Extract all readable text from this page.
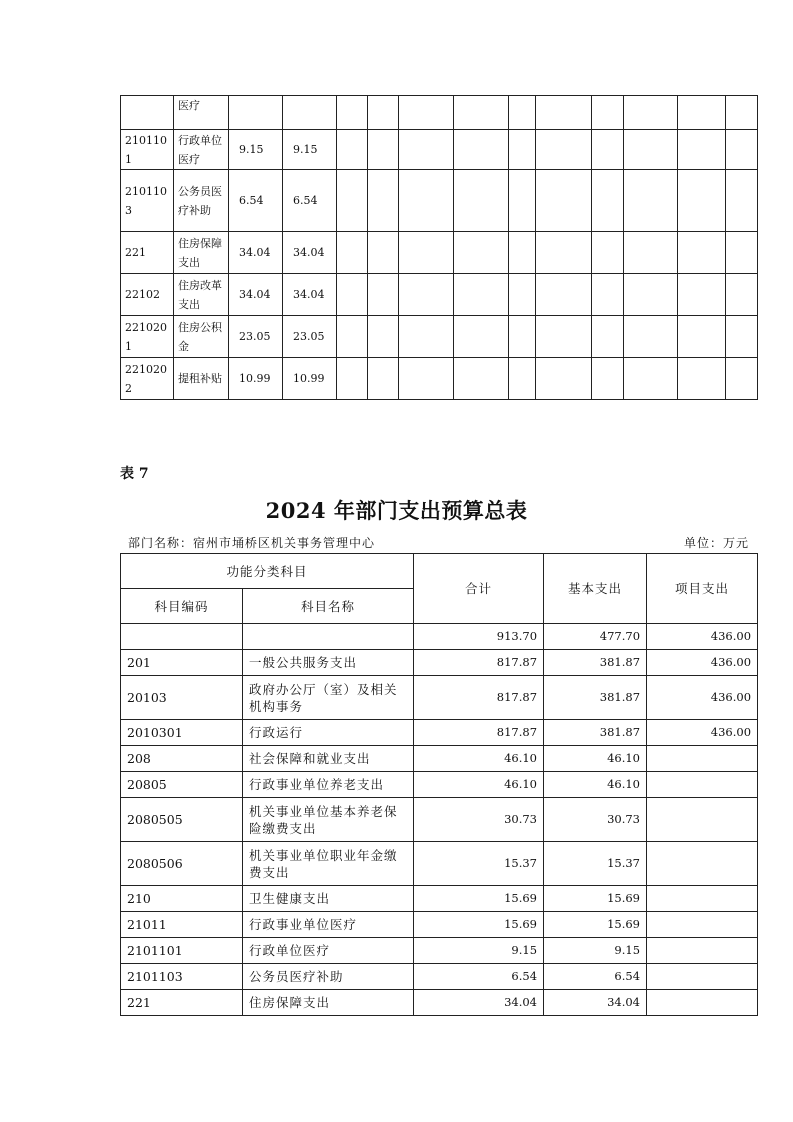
	医疗												
2101101	行政单位医疗	9.15	9.15										
2101103	公务员医疗补助	6.54	6.54										
221	住房保障支出	34.04	34.04										
22102	住房改革支出	34.04	34.04										
2210201	住房公积金	23.05	23.05										
2210202	提租补贴	10.99	10.99										
表 7
2024 年部门支出预算总表
部门名称：宿州市埇桥区机关事务管理中心	单位：万元
功能分类科目		合计	基本支出	项目支出
科目编码	科目名称			
		913.70	477.70	436.00
201	一般公共服务支出	817.87	381.87	436.00
20103	政府办公厅（室）及相关机构事务	817.87	381.87	436.00
2010301	行政运行	817.87	381.87	436.00
208	社会保障和就业支出	46.10	46.10	
20805	行政事业单位养老支出	46.10	46.10	
2080505	机关事业单位基本养老保险缴费支出	30.73	30.73	
2080506	机关事业单位职业年金缴费支出	15.37	15.37	
210	卫生健康支出	15.69	15.69	
21011	行政事业单位医疗	15.69	15.69	
2101101	行政单位医疗	9.15	9.15	
2101103	公务员医疗补助	6.54	6.54	
221	住房保障支出	34.04	34.04	
